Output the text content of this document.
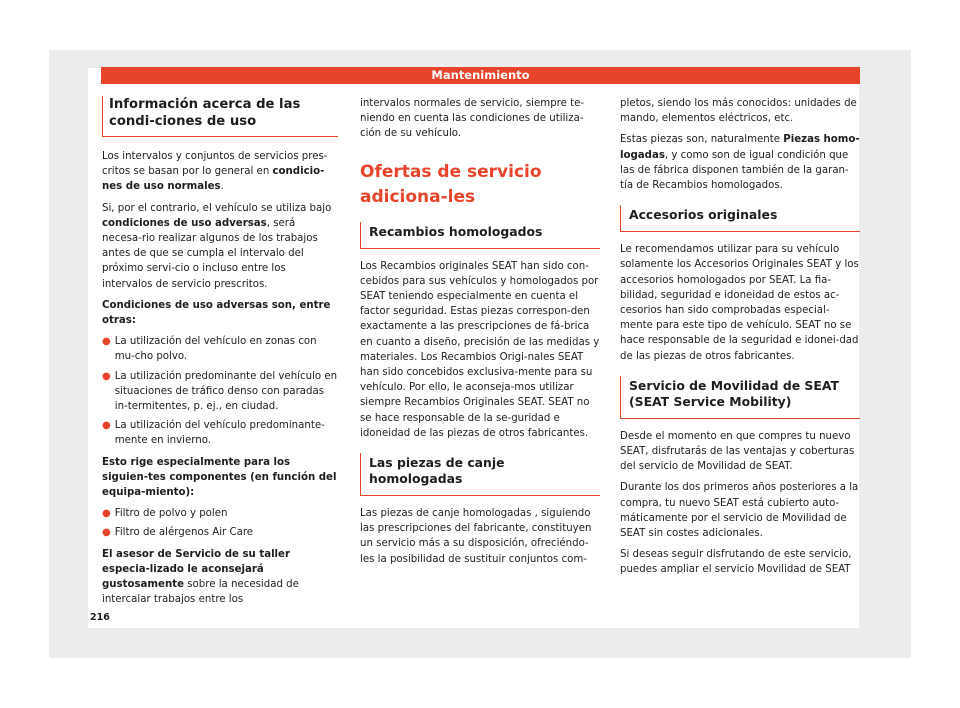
Mantenimiento
Información acerca de las condi-ciones de uso

Los intervalos y conjuntos de servicios pres-critos se basan por lo general en condicio-nes de uso normales.

Si, por el contrario, el vehículo se utiliza bajo condiciones de uso adversas, será necesa-rio realizar algunos de los trabajos antes de que se cumpla el intervalo del próximo servi-cio o incluso entre los intervalos de servicio prescritos.

Condiciones de uso adversas son, entre otras:

● La utilización del vehículo en zonas con mu-cho polvo.
● La utilización predominante del vehículo en situaciones de tráfico denso con paradas in-termitentes, p. ej., en ciudad.
● La utilización del vehículo predominante-mente en invierno.

Esto rige especialmente para los siguien-tes componentes (en función del equipa-miento):

● Filtro de polvo y polen
● Filtro de alérgenos Air Care

El asesor de Servicio de su taller especia-lizado le aconsejará gustosamente sobre la necesidad de intercalar trabajos entre los

intervalos normales de servicio, siempre te-niendo en cuenta las condiciones de utiliza-ción de su vehículo.

Ofertas de servicio adiciona-les
Recambios homologados

Los Recambios originales SEAT han sido con-cebidos para sus vehículos y homologados por SEAT teniendo especialmente en cuenta el factor seguridad. Estas piezas correspon-den exactamente a las prescripciones de fá-brica en cuanto a diseño, precisión de las medidas y materiales. Los Recambios Origi-nales SEAT han sido concebidos exclusiva-mente para su vehículo. Por ello, le aconseja-mos utilizar siempre Recambios Originales SEAT. SEAT no se hace responsable de la se-guridad e idoneidad de las piezas de otros fabricantes.

Las piezas de canje homologadas

Las piezas de canje homologadas , siguiendo las prescripciones del fabricante, constituyen un servicio más a su disposición, ofreciéndo-les la posibilidad de sustituir conjuntos com-

pletos, siendo los más conocidos: unidades de mando, elementos eléctricos, etc.

Estas piezas son, naturalmente Piezas homo-logadas, y como son de igual condición que las de fábrica disponen también de la garan-tía de Recambios homologados.

Accesorios originales

Le recomendamos utilizar para su vehículo solamente los Accesorios Originales SEAT y los accesorios homologados por SEAT. La fia-bilidad, seguridad e idoneidad de estos ac-cesorios han sido comprobadas especial-mente para este tipo de vehículo. SEAT no se hace responsable de la seguridad e idonei-dad de las piezas de otros fabricantes.

Servicio de Movilidad de SEAT (SEAT Service Mobility)

Desde el momento en que compres tu nuevo SEAT, disfrutarás de las ventajas y coberturas del servicio de Movilidad de SEAT.

Durante los dos primeros años posteriores a la compra, tu nuevo SEAT está cubierto auto-máticamente por el servicio de Movilidad de SEAT sin costes adicionales.

Si deseas seguir disfrutando de este servicio, puedes ampliar el servicio Movilidad de SEAT

216
